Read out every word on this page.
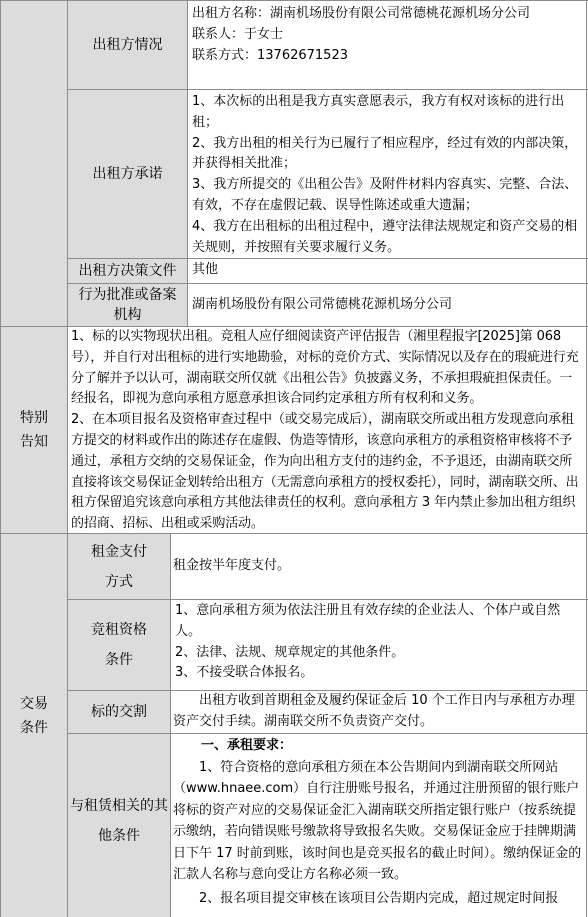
出租方情况

出租方名称：湖南机场股份有限公司常德桃花源机场分公司

联系人：于女士

联系方式：13762671523

出租方承诺

1、本次标的出租是我方真实意愿表示，我方有权对该标的进行出租；

2、我方出租的相关行为已履行了相应程序，经过有效的内部决策，并获得相关批准；

3、我方所提交的《出租公告》及附件材料内容真实、完整、合法、有效，不存在虚假记载、误导性陈述或重大遗漏；

4、我方在出租标的出租过程中，遵守法律法规规定和资产交易的相关规则，并按照有关要求履行义务。

出租方决策文件	其他
行为批准或备案机构
湖南机场股份有限公司常德桃花源机场分公司
特别
告知

1、标的以实物现状出租。竞租人应仔细阅读资产评估报告（湘里程报字[2025]第 068 号），并自行对出租标的进行实地勘验，对标的竞价方式、实际情况以及存在的瑕疵进行充分了解并予以认可，湖南联交所仅就《出租公告》负披露义务，不承担瑕疵担保责任。一经报名，即视为意向承租方愿意承担该合同约定承租方所有权利和义务。

2、在本项目报名及资格审查过程中（或交易完成后），湖南联交所或出租方发现意向承租方提交的材料或作出的陈述存在虚假、伪造等情形，该意向承租方的承租资格审核将不予通过，承租方交纳的交易保证金，作为向出租方支付的违约金，不予退还，由湖南联交所直接将该交易保证金划转给出租方（无需意向承租方的授权委托），同时，湖南联交所、出租方保留追究该意向承租方其他法律责任的权利。意向承租方 3 年内禁止参加出租方组织的招商、招标、出租或采购活动。

交易
条件
租金支付
方式
租金按半年度支付。
竞租资格
条件

1、意向承租方须为依法注册且有效存续的企业法人、个体户或自然人。

2、法律、法规、规章规定的其他条件。

3、不接受联合体报名。

标的交割
出租方收到首期租金及履约保证金后 10 个工作日内与承租方办理资产交付手续。湖南联交所不负责资产交付。
与租赁相关的其
他条件

一、承租要求：

1、符合资格的意向承租方须在本公告期间内到湖南联交所网站（www.hnaee.com）自行注册账号报名，并通过注册预留的银行账户将标的资产对应的交易保证金汇入湖南联交所指定银行账户（按系统提示缴纳，若向错误账号缴款将导致报名失败。交易保证金应于挂牌期满日下午 17 时前到账，该时间也是竞买报名的截止时间）。缴纳保证金的汇款人名称与意向受让方名称必须一致。

2、报名项目提交审核在该项目公告期内完成，超过规定时间报
